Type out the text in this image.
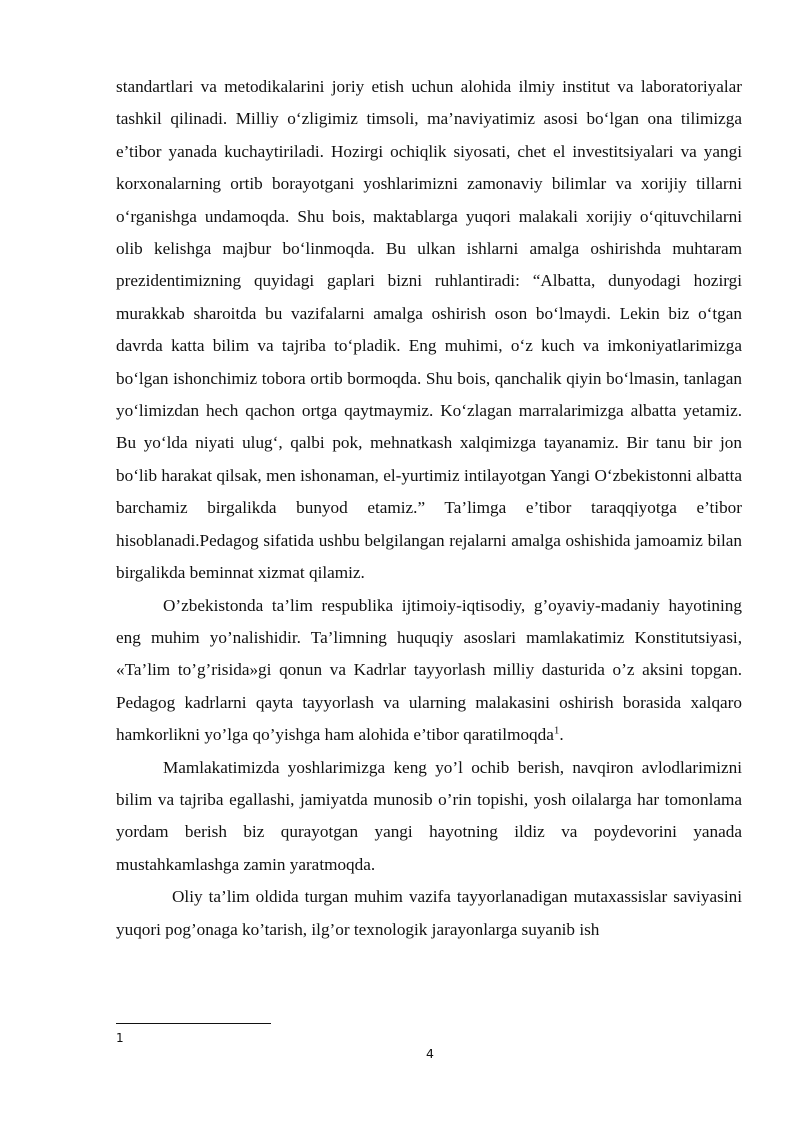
standartlari va metodikalarini joriy etish uchun alohida ilmiy institut va laboratoriyalar tashkil qilinadi. Milliy o‘zligimiz timsoli, ma’naviyatimiz asosi bo‘lgan ona tilimizga e’tibor yanada kuchaytiriladi. Hozirgi ochiqlik siyosati, chet el investitsiyalari va yangi korxonalarning ortib borayotgani yoshlarimizni zamonaviy bilimlar va xorijiy tillarni o‘rganishga undamoqda. Shu bois, maktablarga yuqori malakali xorijiy o‘qituvchilarni olib kelishga majbur bo‘linmoqda. Bu ulkan ishlarni amalga oshirishda muhtaram prezidentimizning quyidagi gaplari bizni ruhlantiradi: “Albatta, dunyodagi hozirgi murakkab sharoitda bu vazifalarni amalga oshirish oson bo‘lmaydi. Lekin biz o‘tgan davrda katta bilim va tajriba to‘pladik. Eng muhimi, o‘z kuch va imkoniyatlarimizga bo‘lgan ishonchimiz tobora ortib bormoqda. Shu bois, qanchalik qiyin bo‘lmasin, tanlagan yo‘limizdan hech qachon ortga qaytmaymiz. Ko‘zlagan marralarimizga albatta yetamiz. Bu yo‘lda niyati ulug‘, qalbi pok, mehnatkash xalqimizga tayanamiz. Bir tanu bir jon bo‘lib harakat qilsak, men ishonaman, el-yurtimiz intilayotgan Yangi O‘zbekistonni albatta barchamiz birgalikda bunyod etamiz.” Ta’limga e’tibor taraqqiyotga e’tibor hisoblanadi.Pedagog sifatida ushbu belgilangan rejalarni amalga oshishida jamoamiz bilan birgalikda beminnat xizmat qilamiz.

O’zbekistonda ta’lim respublika ijtimoiy-iqtisodiy, g’oyaviy-madaniy hayotining eng muhim yo’nalishidir. Ta’limning huquqiy asoslari mamlakatimiz Konstitutsiyasi, «Ta’lim to’g’risida»gi qonun va Kadrlar tayyorlash milliy dasturida o’z aksini topgan. Pedagog kadrlarni qayta tayyorlash va ularning malakasini oshirish borasida xalqaro hamkorlikni yo’lga qo’yishga ham alohida e’tibor qaratilmoqda$^1$.

Mamlakatimizda yoshlarimizga keng yo’l ochib berish, navqiron avlodlarimizni bilim va tajriba egallashi, jamiyatda munosib o’rin topishi, yosh oilalarga har tomonlama yordam berish biz qurayotgan yangi hayotning ildiz va poydevorini yanada mustahkamlashga zamin yaratmoqda.

Oliy ta’lim oldida turgan muhim vazifa tayyorlanadigan mutaxassislar saviyasini yuqori pog’onaga ko’tarish, ilg’or texnologik jarayonlarga suyanib ish

1
4
